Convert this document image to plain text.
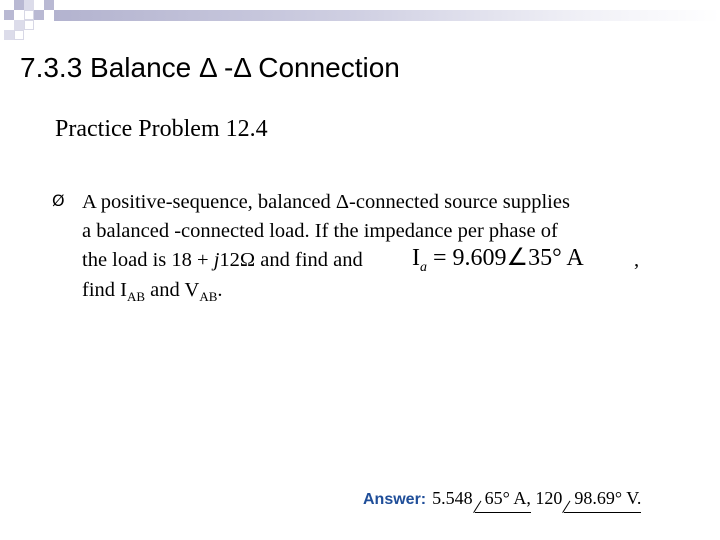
7.3.3 Balance Δ -Δ Connection
Practice Problem 12.4
Ø A positive-sequence, balanced Δ-connected source supplies
a balanced -connected load. If the impedance per phase of
the load is 18 + j12Ω and find and
find $I_{AB}$ and $V_{AB}$.
$I_a$ = 9.609∠35° A ,
Answer: 5.548 65° A, 120 98.69° V.
